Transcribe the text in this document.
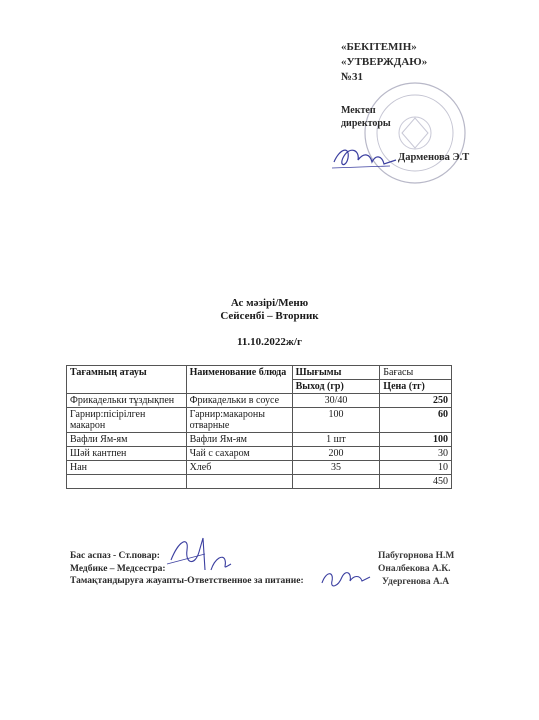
«БЕКІТЕМІН»
«УТВЕРЖДАЮ»
№31
Мектеп
директоры
Дарменова Э.Т
Ас мәзірі/Меню
Сейсенбі – Вторник
11.10.2022ж/г
Тағамның атауы	Наименование блюда	Шығымы	Бағасы
		Выход (гр)	Цена (тг)
Фрикадельки тұздықпен	Фрикадельки в соусе	30/40	250
Гарнир:пісірілген макарон	Гарнир:макароны отварные	100	60
Вафли Ям-ям	Вафли Ям-ям	1 шт	100
Шәй кантпен	Чай с сахаром	200	30
Нан	Хлеб	35	10
			450
Бас аспаз - Ст.повар:
Медбике – Медсестра:
Тамақтандыруға жауапты-Ответственное за питание:
Пабугорнова Н.М
Оналбекова А.К.
Удергенова А.А
